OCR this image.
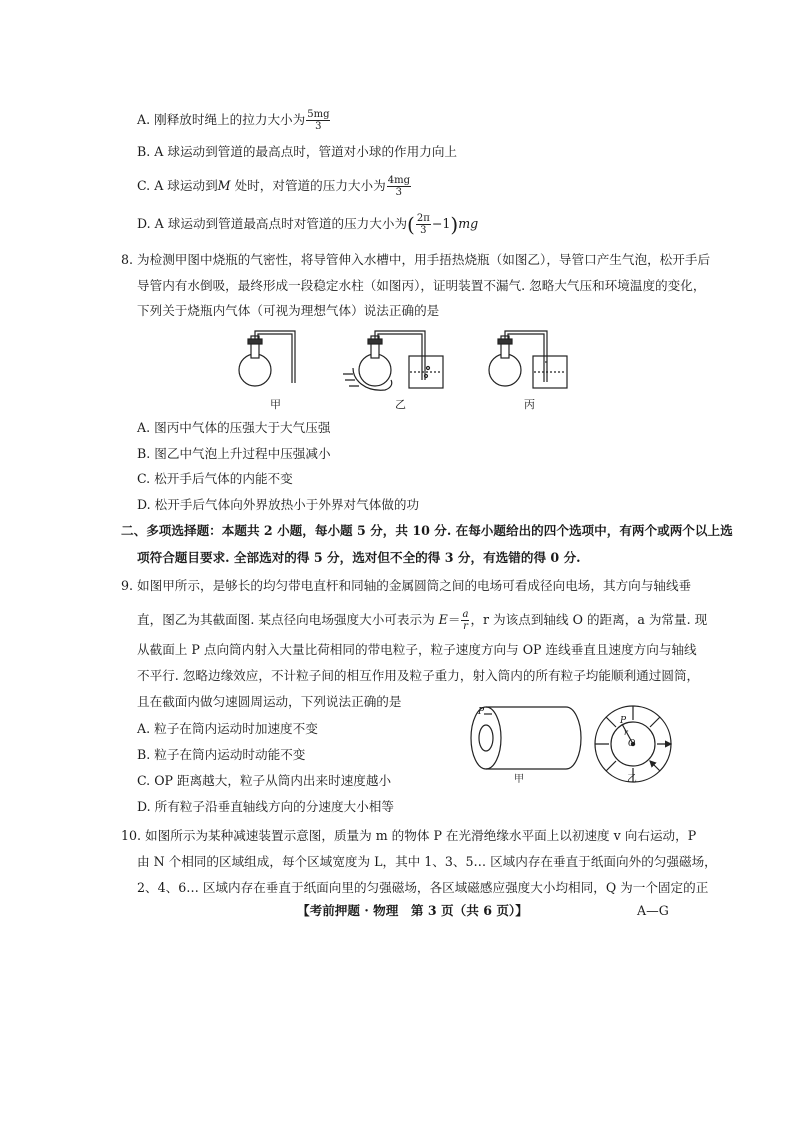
A. 刚释放时绳上的拉力大小为 $\frac{5mg}{3}$
B. A 球运动到管道的最高点时，管道对小球的作用力向上
C. A 球运动到M 处时，对管道的压力大小为 $\frac{4mg}{3}$
D. A 球运动到管道最高点时对管道的压力大小为( $\frac{2\pi}{3} -1)mg$
8. 为检测甲图中烧瓶的气密性，将导管伸入水槽中，用手捂热烧瓶（如图乙），导管口产生气泡，松开手后
导管内有水倒吸，最终形成一段稳定水柱（如图丙），证明装置不漏气. 忽略大气压和环境温度的变化，
下列关于烧瓶内气体（可视为理想气体）说法正确的是
甲	乙	丙
A. 图丙中气体的压强大于大气压强
B. 图乙中气泡上升过程中压强减小
C. 松开手后气体的内能不变
D. 松开手后气体向外界放热小于外界对气体做的功
二、多项选择题：本题共 2 小题，每小题 5 分，共 10 分. 在每小题给出的四个选项中，有两个或两个以上选
项符合题目要求. 全部选对的得 5 分，选对但不全的得 3 分，有选错的得 0 分.
9. 如图甲所示，是够长的均匀带电直杆和同轴的金属圆筒之间的电场可看成径向电场，其方向与轴线垂
直，图乙为其截面图. 某点径向电场强度大小可表示为 $E= \frac{a}{r}$ ，r 为该点到轴线 O 的距离，a 为常量. 现
从截面上 P 点向筒内射入大量比荷相同的带电粒子，粒子速度方向与 OP 连线垂直且速度方向与轴线
不平行. 忽略边缘效应，不计粒子间的相互作用及粒子重力，射入筒内的所有粒子均能顺利通过圆筒，
且在截面内做匀速圆周运动，下列说法正确的是
A. 粒子在筒内运动时加速度不变
B. 粒子在筒内运动时动能不变
C. OP 距离越大，粒子从筒内出来时速度越小
D. 所有粒子沿垂直轴线方向的分速度大小相等
P
P
O
r
甲	乙
10. 如图所示为某种减速装置示意图，质量为 m 的物体 P 在光滑绝缘水平面上以初速度 v 向右运动，P
由 N 个相同的区域组成，每个区域宽度为 L，其中 1、3、5… 区域内存在垂直于纸面向外的匀强磁场，
2、4、6… 区域内存在垂直于纸面向里的匀强磁场，各区域磁感应强度大小均相同，Q 为一个固定的正
【考前押题 · 物理　第 3 页（共 6 页）】	A—G
